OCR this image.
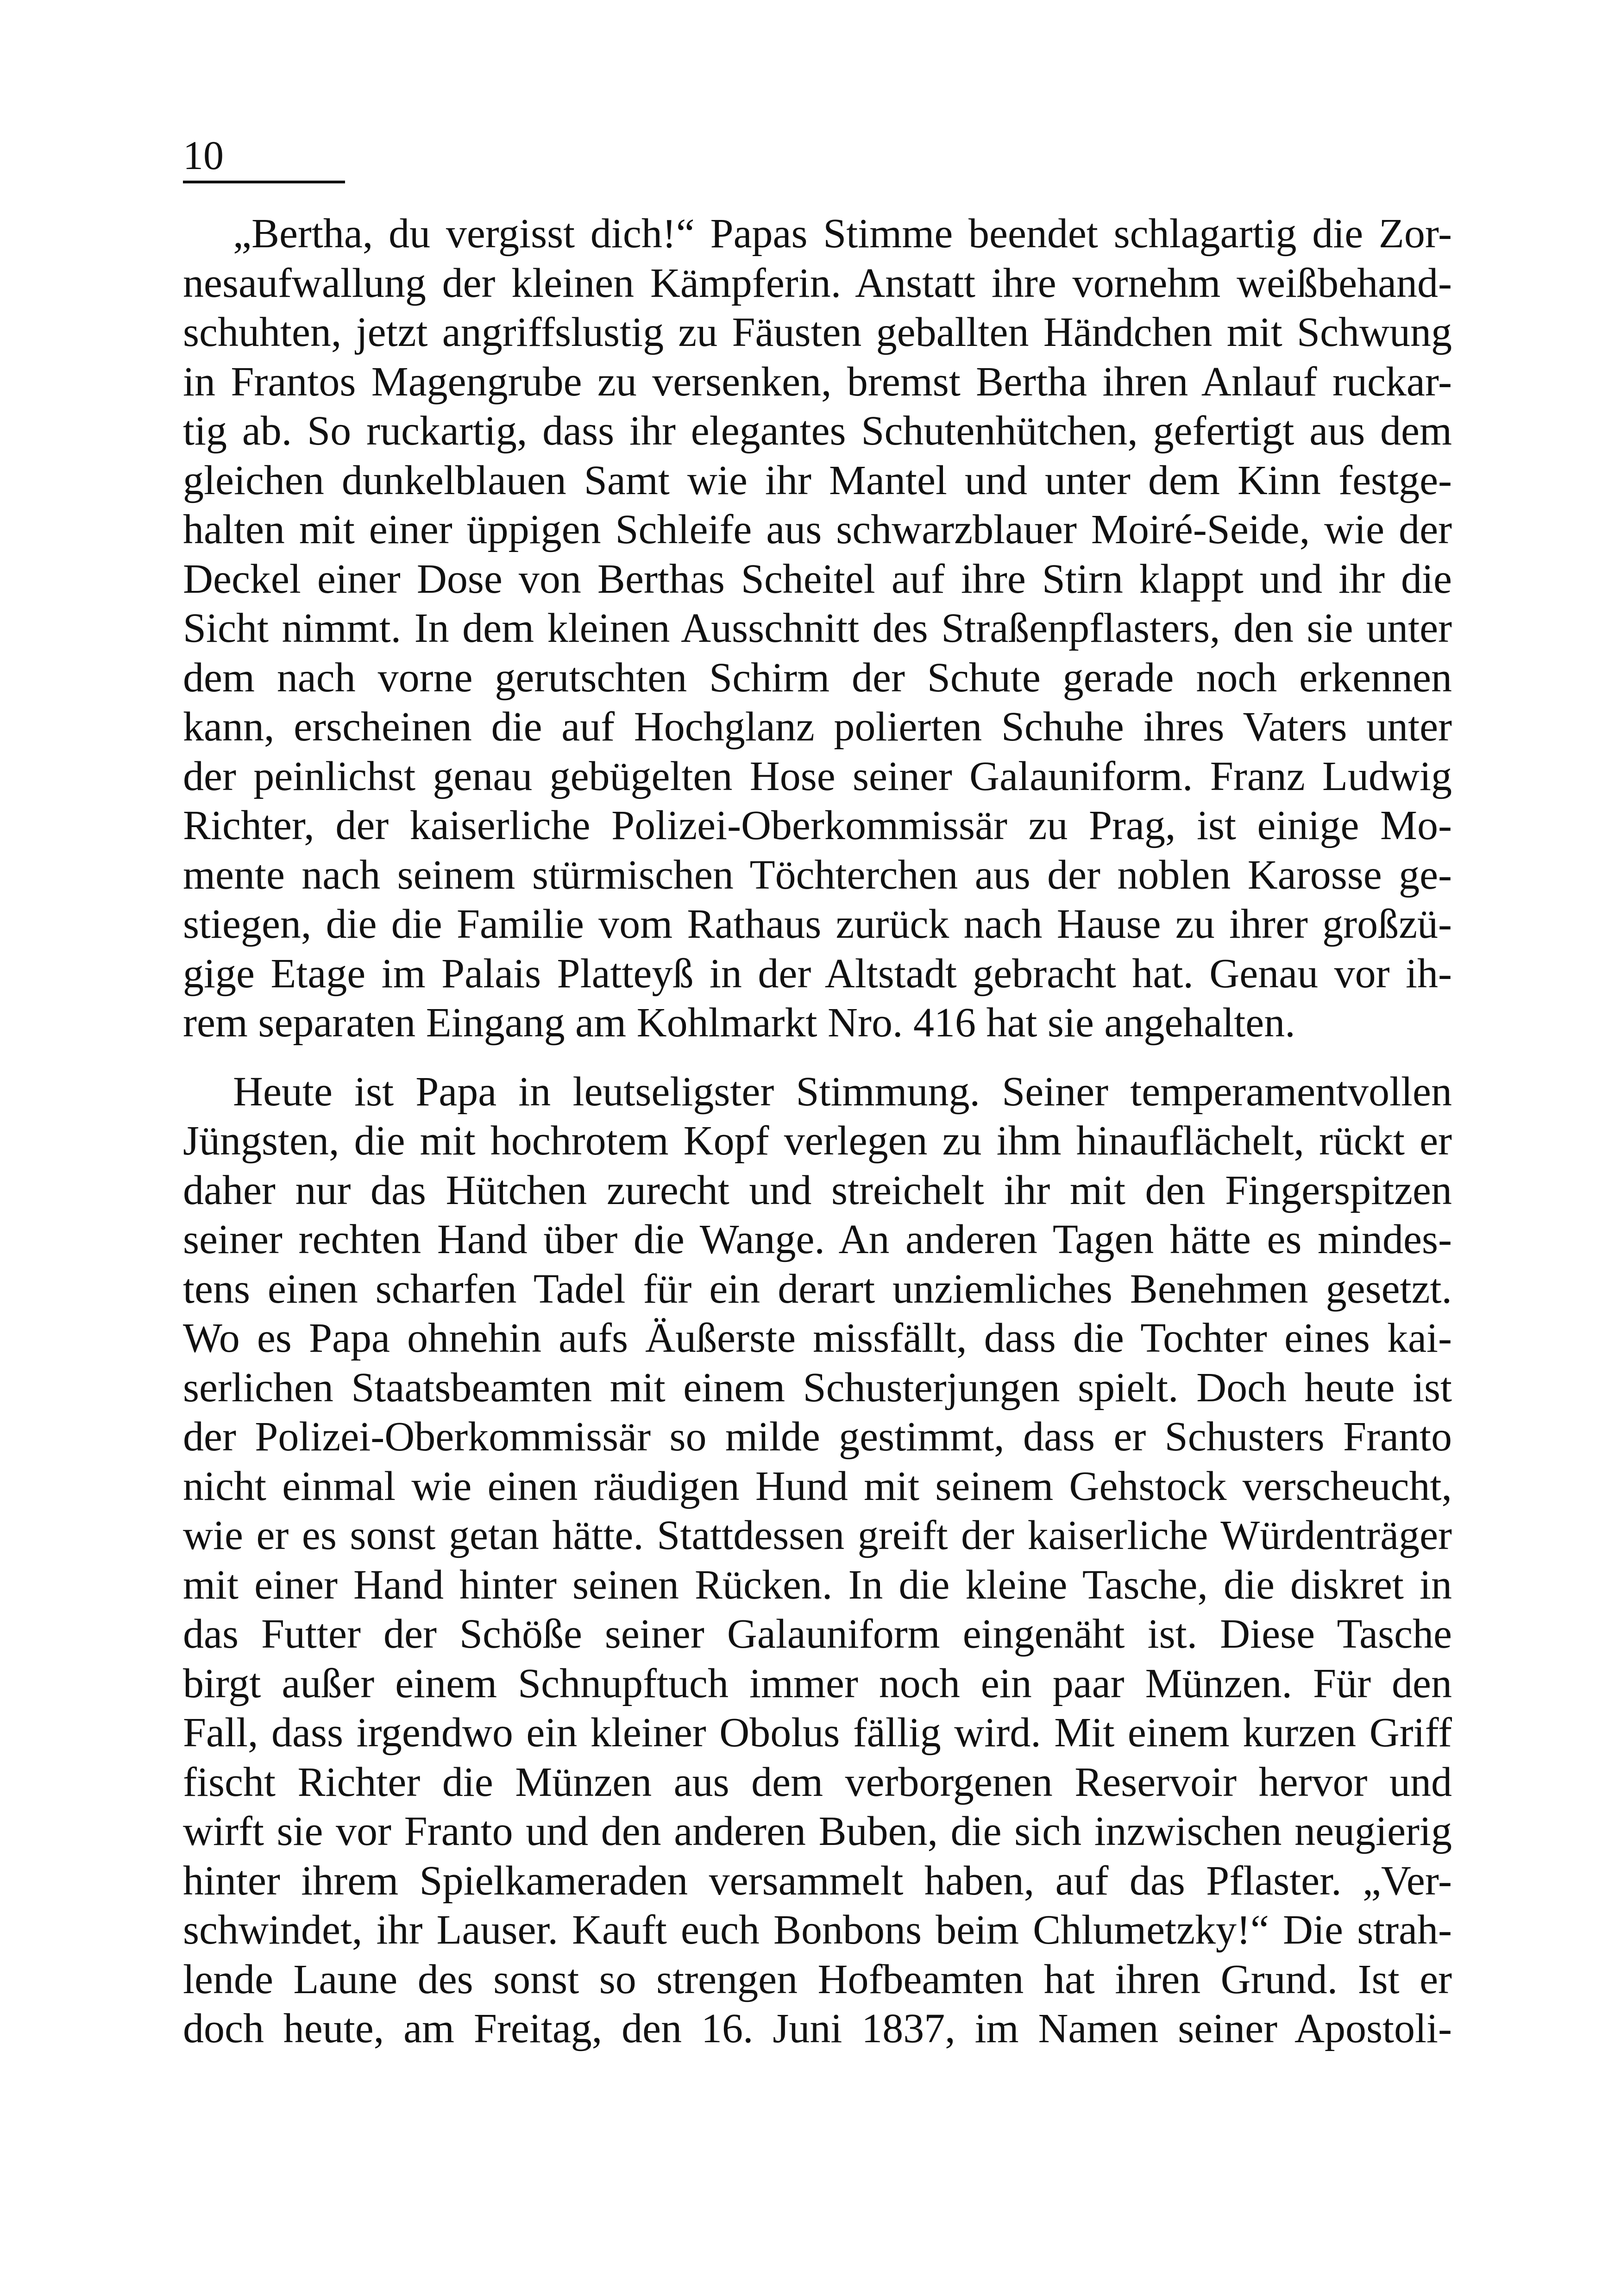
10

„Bertha, du vergisst dich!“ Papas Stimme beendet schlagartig die Zor-
nesaufwallung der kleinen Kämpferin. Anstatt ihre vornehm weißbehand-
schuhten, jetzt angriffslustig zu Fäusten geballten Händchen mit Schwung
in Frantos Magengrube zu versenken, bremst Bertha ihren Anlauf ruckar-
tig ab. So ruckartig, dass ihr elegantes Schutenhütchen, gefertigt aus dem
gleichen dunkelblauen Samt wie ihr Mantel und unter dem Kinn festge-
halten mit einer üppigen Schleife aus schwarzblauer Moiré-Seide, wie der
Deckel einer Dose von Berthas Scheitel auf ihre Stirn klappt und ihr die
Sicht nimmt. In dem kleinen Ausschnitt des Straßenpflasters, den sie unter
dem nach vorne gerutschten Schirm der Schute gerade noch erkennen
kann, erscheinen die auf Hochglanz polierten Schuhe ihres Vaters unter
der peinlichst genau gebügelten Hose seiner Galauniform. Franz Ludwig
Richter, der kaiserliche Polizei-Oberkommissär zu Prag, ist einige Mo-
mente nach seinem stürmischen Töchterchen aus der noblen Karosse ge-
stiegen, die die Familie vom Rathaus zurück nach Hause zu ihrer großzü-
gige Etage im Palais Platteyß in der Altstadt gebracht hat. Genau vor ih-
rem separaten Eingang am Kohlmarkt Nro. 416 hat sie angehalten.

Heute ist Papa in leutseligster Stimmung. Seiner temperamentvollen
Jüngsten, die mit hochrotem Kopf verlegen zu ihm hinauflächelt, rückt er
daher nur das Hütchen zurecht und streichelt ihr mit den Fingerspitzen
seiner rechten Hand über die Wange. An anderen Tagen hätte es mindes-
tens einen scharfen Tadel für ein derart unziemliches Benehmen gesetzt.
Wo es Papa ohnehin aufs Äußerste missfällt, dass die Tochter eines kai-
serlichen Staatsbeamten mit einem Schusterjungen spielt. Doch heute ist
der Polizei-Oberkommissär so milde gestimmt, dass er Schusters Franto
nicht einmal wie einen räudigen Hund mit seinem Gehstock verscheucht,
wie er es sonst getan hätte. Stattdessen greift der kaiserliche Würdenträger
mit einer Hand hinter seinen Rücken. In die kleine Tasche, die diskret in
das Futter der Schöße seiner Galauniform eingenäht ist. Diese Tasche
birgt außer einem Schnupftuch immer noch ein paar Münzen. Für den
Fall, dass irgendwo ein kleiner Obolus fällig wird. Mit einem kurzen Griff
fischt Richter die Münzen aus dem verborgenen Reservoir hervor und
wirft sie vor Franto und den anderen Buben, die sich inzwischen neugierig
hinter ihrem Spielkameraden versammelt haben, auf das Pflaster. „Ver-
schwindet, ihr Lauser. Kauft euch Bonbons beim Chlumetzky!“ Die strah-
lende Laune des sonst so strengen Hofbeamten hat ihren Grund. Ist er
doch heute, am Freitag, den 16. Juni 1837, im Namen seiner Apostoli-
